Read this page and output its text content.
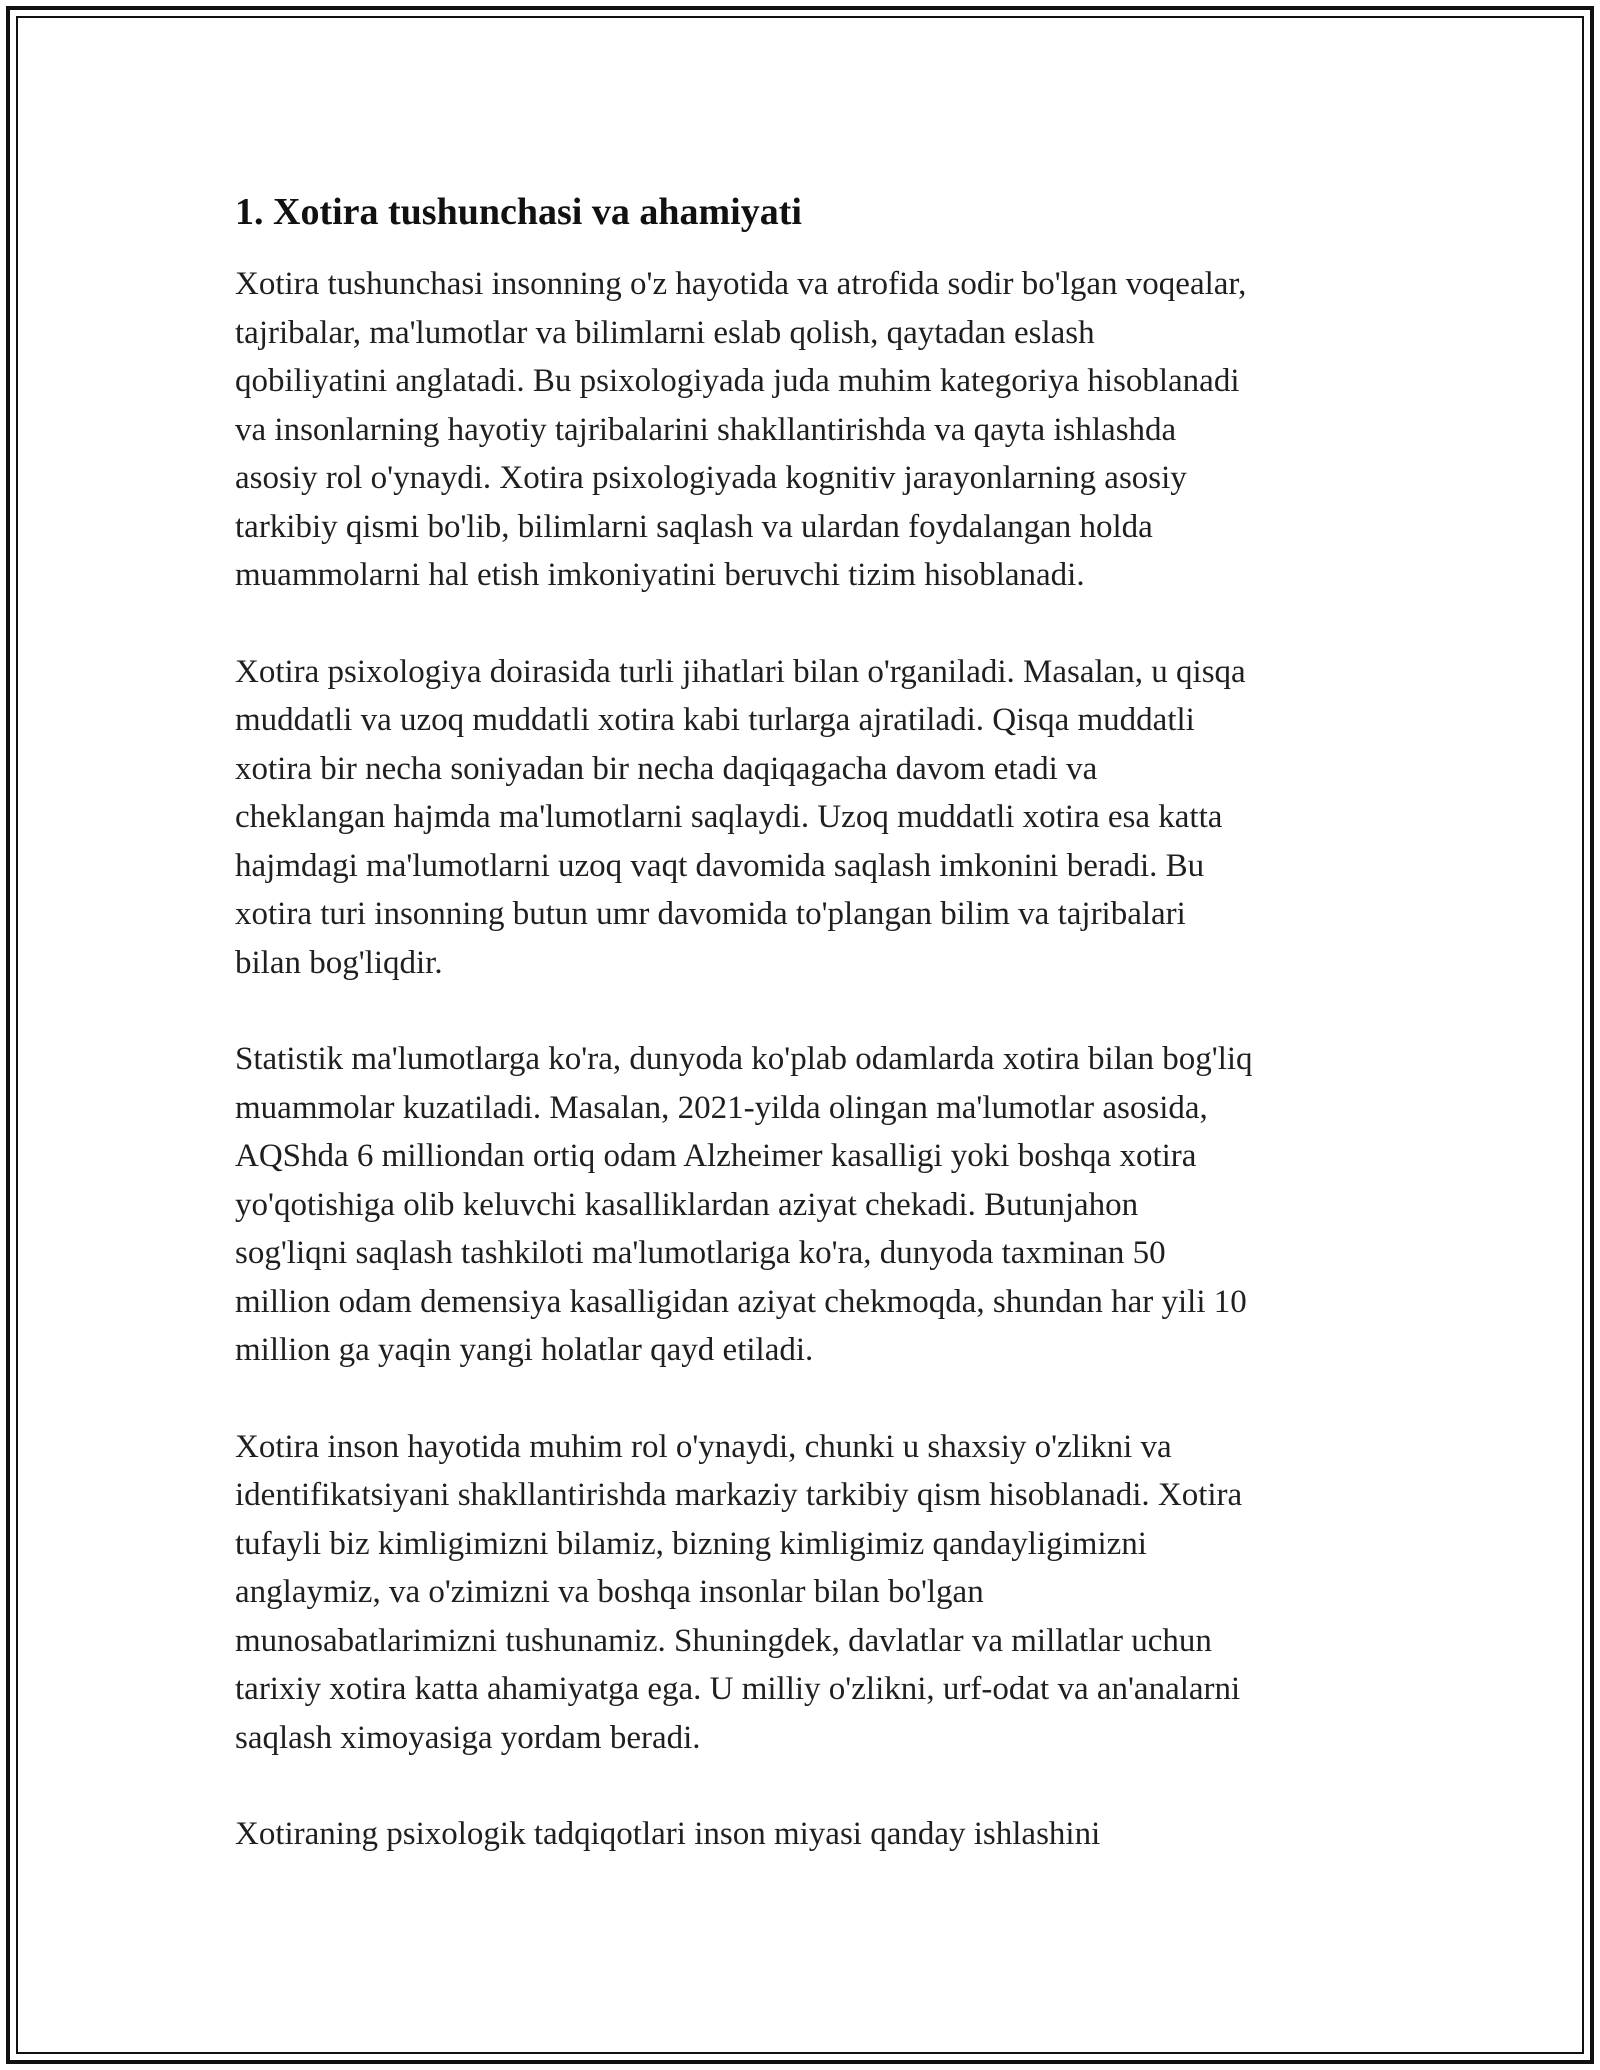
1. Xotira tushunchasi va ahamiyati

Xotira tushunchasi insonning o'z hayotida va atrofida sodir bo'lgan voqealar,
tajribalar, ma'lumotlar va bilimlarni eslab qolish, qaytadan eslash
qobiliyatini anglatadi. Bu psixologiyada juda muhim kategoriya hisoblanadi
va insonlarning hayotiy tajribalarini shakllantirishda va qayta ishlashda
asosiy rol o'ynaydi. Xotira psixologiyada kognitiv jarayonlarning asosiy
tarkibiy qismi bo'lib, bilimlarni saqlash va ulardan foydalangan holda
muammolarni hal etish imkoniyatini beruvchi tizim hisoblanadi.

Xotira psixologiya doirasida turli jihatlari bilan o'rganiladi. Masalan, u qisqa
muddatli va uzoq muddatli xotira kabi turlarga ajratiladi. Qisqa muddatli
xotira bir necha soniyadan bir necha daqiqagacha davom etadi va
cheklangan hajmda ma'lumotlarni saqlaydi. Uzoq muddatli xotira esa katta
hajmdagi ma'lumotlarni uzoq vaqt davomida saqlash imkonini beradi. Bu
xotira turi insonning butun umr davomida to'plangan bilim va tajribalari
bilan bog'liqdir.

Statistik ma'lumotlarga ko'ra, dunyoda ko'plab odamlarda xotira bilan bog'liq
muammolar kuzatiladi. Masalan, 2021-yilda olingan ma'lumotlar asosida,
AQShda 6 milliondan ortiq odam Alzheimer kasalligi yoki boshqa xotira
yo'qotishiga olib keluvchi kasalliklardan aziyat chekadi. Butunjahon
sog'liqni saqlash tashkiloti ma'lumotlariga ko'ra, dunyoda taxminan 50
million odam demensiya kasalligidan aziyat chekmoqda, shundan har yili 10
million ga yaqin yangi holatlar qayd etiladi.

Xotira inson hayotida muhim rol o'ynaydi, chunki u shaxsiy o'zlikni va
identifikatsiyani shakllantirishda markaziy tarkibiy qism hisoblanadi. Xotira
tufayli biz kimligimizni bilamiz, bizning kimligimiz qandayligimizni
anglaymiz, va o'zimizni va boshqa insonlar bilan bo'lgan
munosabatlarimizni tushunamiz. Shuningdek, davlatlar va millatlar uchun
tarixiy xotira katta ahamiyatga ega. U milliy o'zlikni, urf-odat va an'analarni
saqlash ximoyasiga yordam beradi.

Xotiraning psixologik tadqiqotlari inson miyasi qanday ishlashini
